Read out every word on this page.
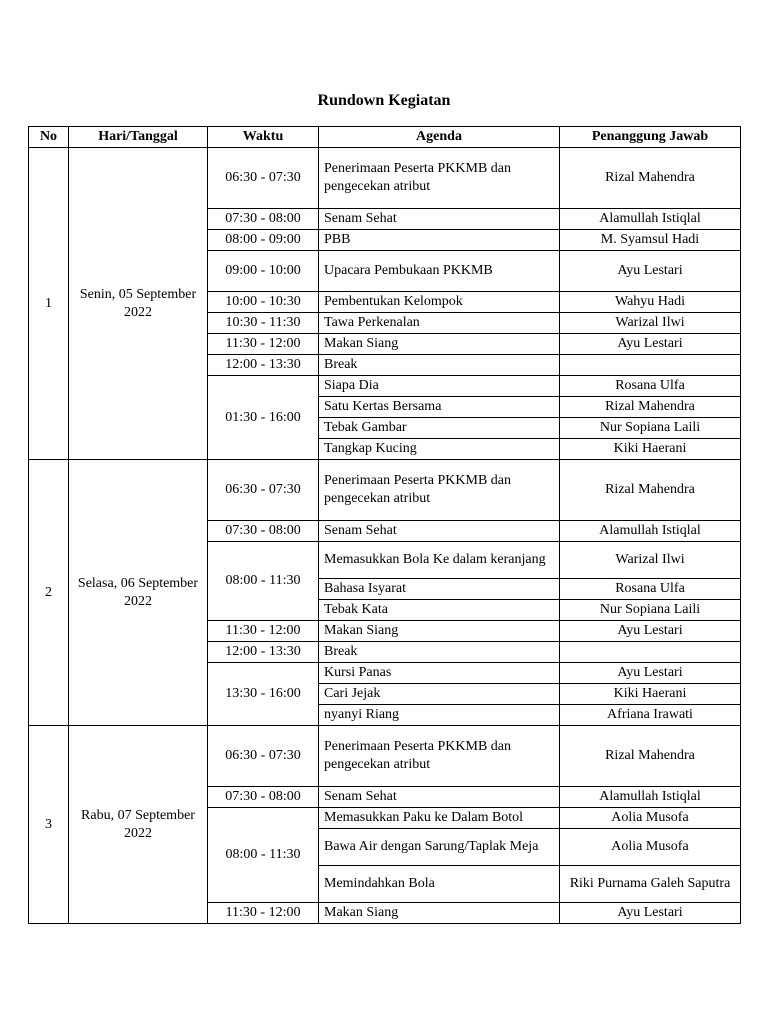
Rundown Kegiatan
No	Hari/Tanggal	Waktu	Agenda	Penanggung Jawab
1	Senin, 05 September 2022	06:30 - 07:30	Penerimaan Peserta PKKMB dan pengecekan atribut	Rizal Mahendra
		07:30 - 08:00	Senam Sehat	Alamullah Istiqlal
		08:00 - 09:00	PBB	M. Syamsul Hadi
		09:00 - 10:00	Upacara Pembukaan PKKMB	Ayu Lestari
		10:00 - 10:30	Pembentukan Kelompok	Wahyu Hadi
		10:30 - 11:30	Tawa Perkenalan	Warizal Ilwi
		11:30 - 12:00	Makan Siang	Ayu Lestari
		12:00 - 13:30	Break	
		01:30 - 16:00	Siapa Dia	Rosana Ulfa
			Satu Kertas Bersama	Rizal Mahendra
			Tebak Gambar	Nur Sopiana Laili
			Tangkap Kucing	Kiki Haerani
2	Selasa, 06 September 2022	06:30 - 07:30	Penerimaan Peserta PKKMB dan pengecekan atribut	Rizal Mahendra
		07:30 - 08:00	Senam Sehat	Alamullah Istiqlal
		08:00 - 11:30	Memasukkan Bola Ke dalam keranjang	Warizal Ilwi
			Bahasa Isyarat	Rosana Ulfa
			Tebak Kata	Nur Sopiana Laili
		11:30 - 12:00	Makan Siang	Ayu Lestari
		12:00 - 13:30	Break	
		13:30 - 16:00	Kursi Panas	Ayu Lestari
			Cari Jejak	Kiki Haerani
			nyanyi Riang	Afriana Irawati
3	Rabu, 07 September 2022	06:30 - 07:30	Penerimaan Peserta PKKMB dan pengecekan atribut	Rizal Mahendra
		07:30 - 08:00	Senam Sehat	Alamullah Istiqlal
		08:00 - 11:30	Memasukkan Paku ke Dalam Botol	Aolia Musofa
			Bawa Air dengan Sarung/Taplak Meja	Aolia Musofa
			Memindahkan Bola	Riki Purnama Galeh Saputra
		11:30 - 12:00	Makan Siang	Ayu Lestari
